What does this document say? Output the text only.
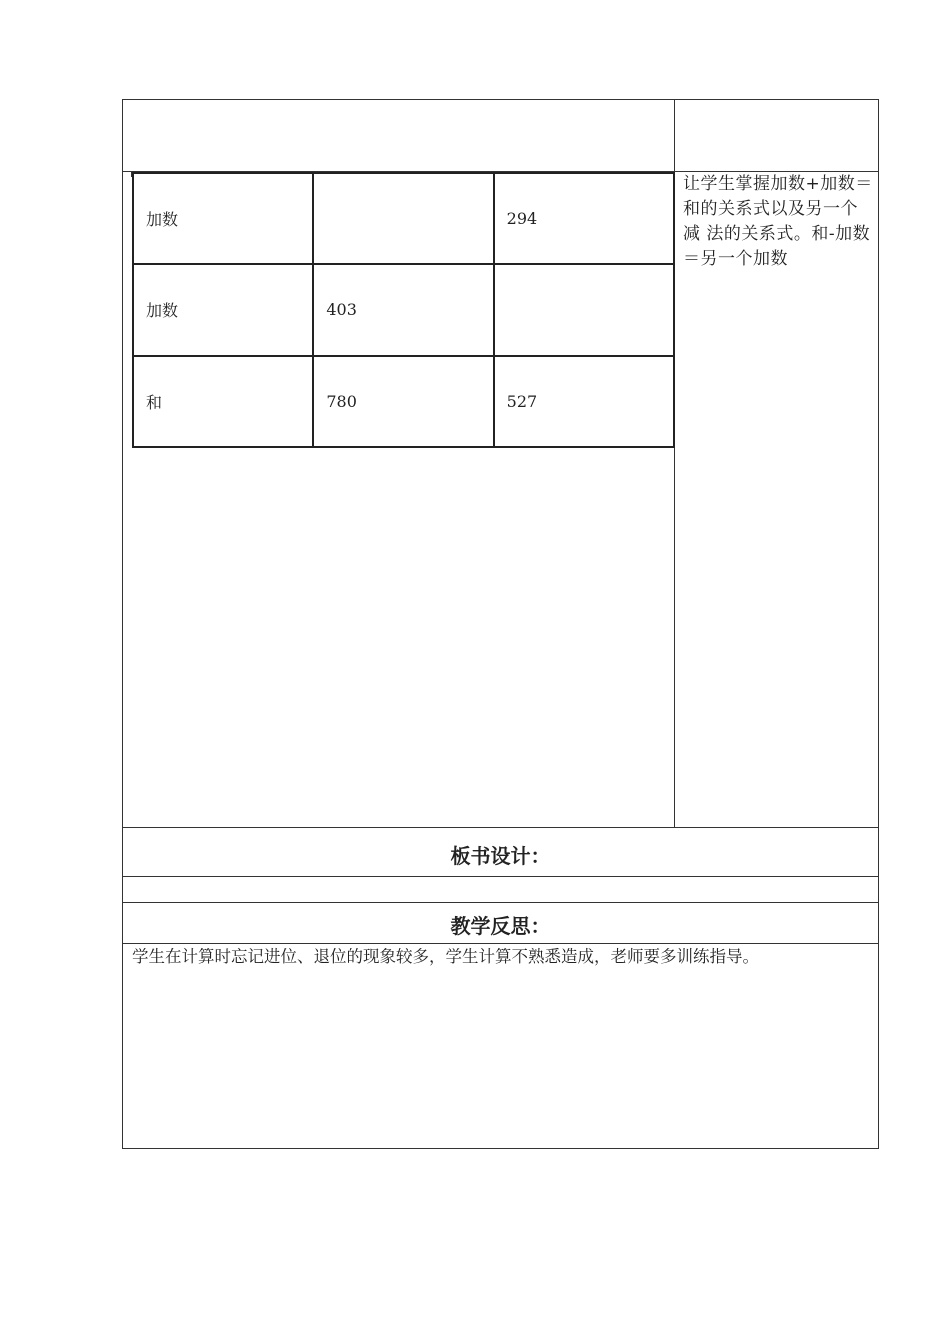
加数		294
加数	403	
和	780	527
让学生掌握加数+加数＝和的关系式以及另一个减 法的关系式。和-加数＝另一个加数
板书设计：
教学反思：
学生在计算时忘记进位、退位的现象较多，学生计算不熟悉造成，老师要多训练指导。
